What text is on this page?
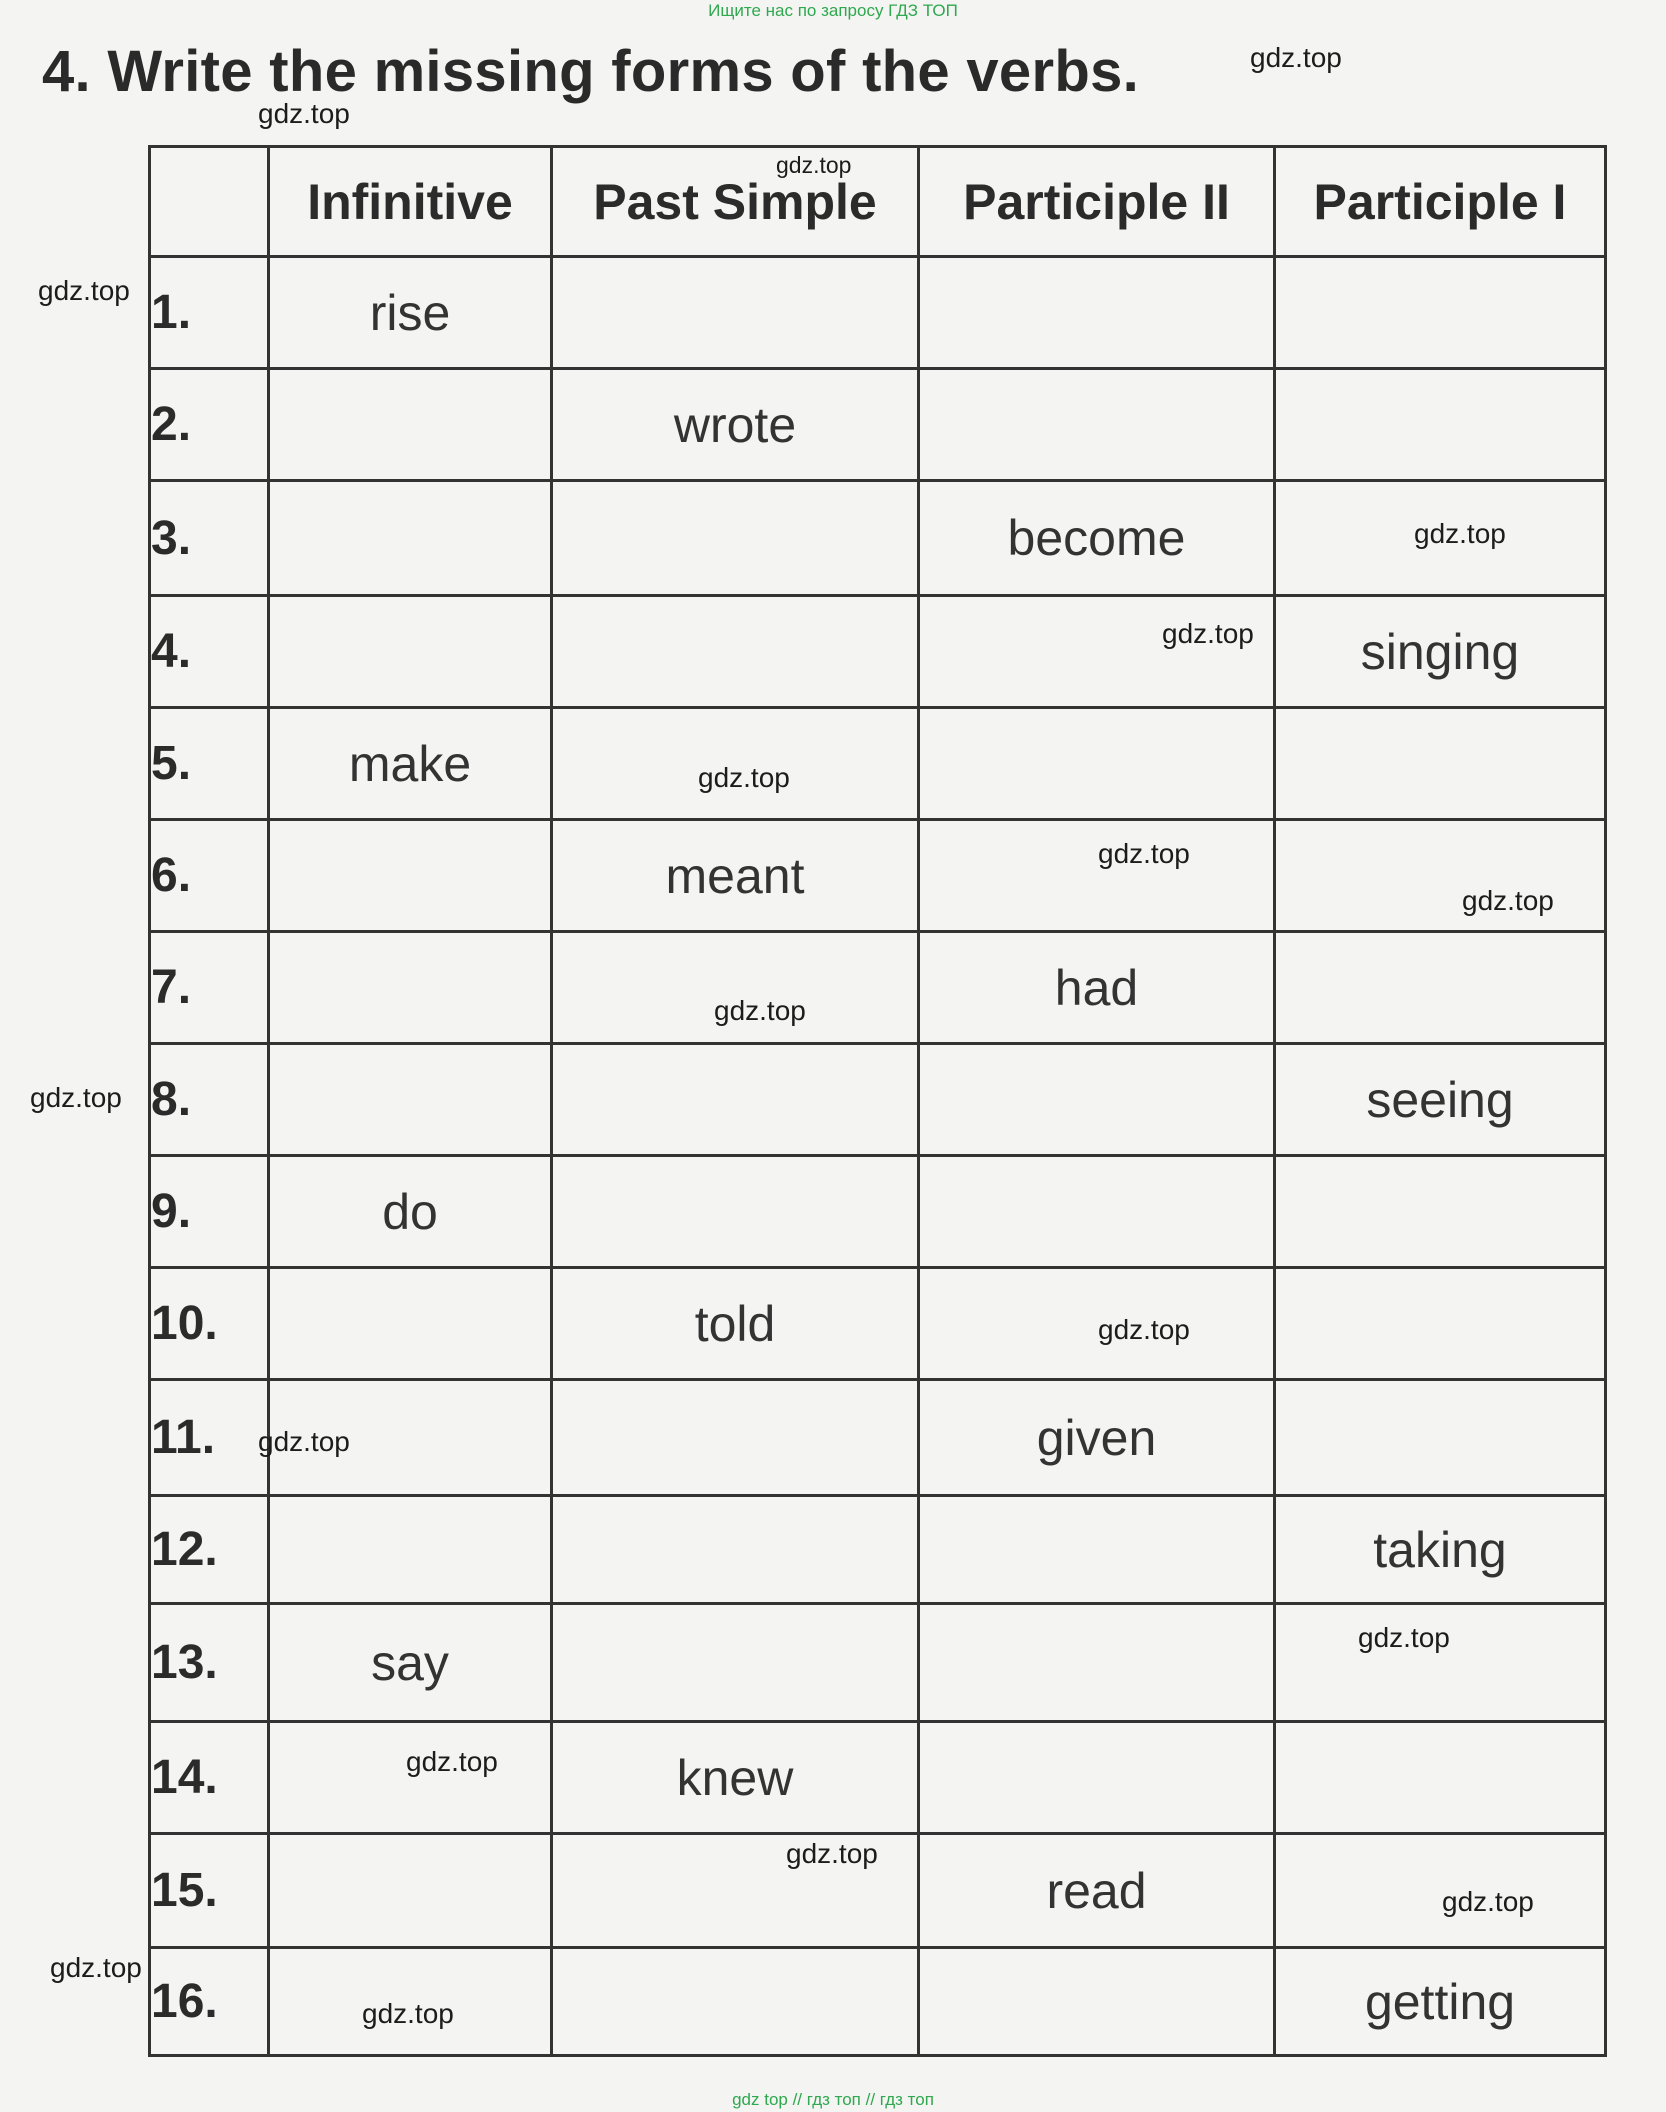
Ищите нас по запросу ГДЗ ТОП
4. Write the missing forms of the verbs.
	Infinitive	Past Simple	Participle II	Participle I
1.	rise			
2.		wrote		
3.			become	
4.				singing
5.	make			
6.		meant		
7.			had	
8.				seeing
9.	do			
10.		told		
11.			given	
12.				taking
13.	say			
14.		knew		
15.			read	
16.				getting
gdz.top
gdz.top
gdz.top
gdz.top
gdz.top
gdz.top
gdz.top
gdz.top
gdz.top
gdz.top
gdz.top
gdz.top
gdz.top
gdz.top
gdz.top
gdz.top
gdz.top
gdz.top
gdz.top
gdz top // гдз топ // гдз топ
